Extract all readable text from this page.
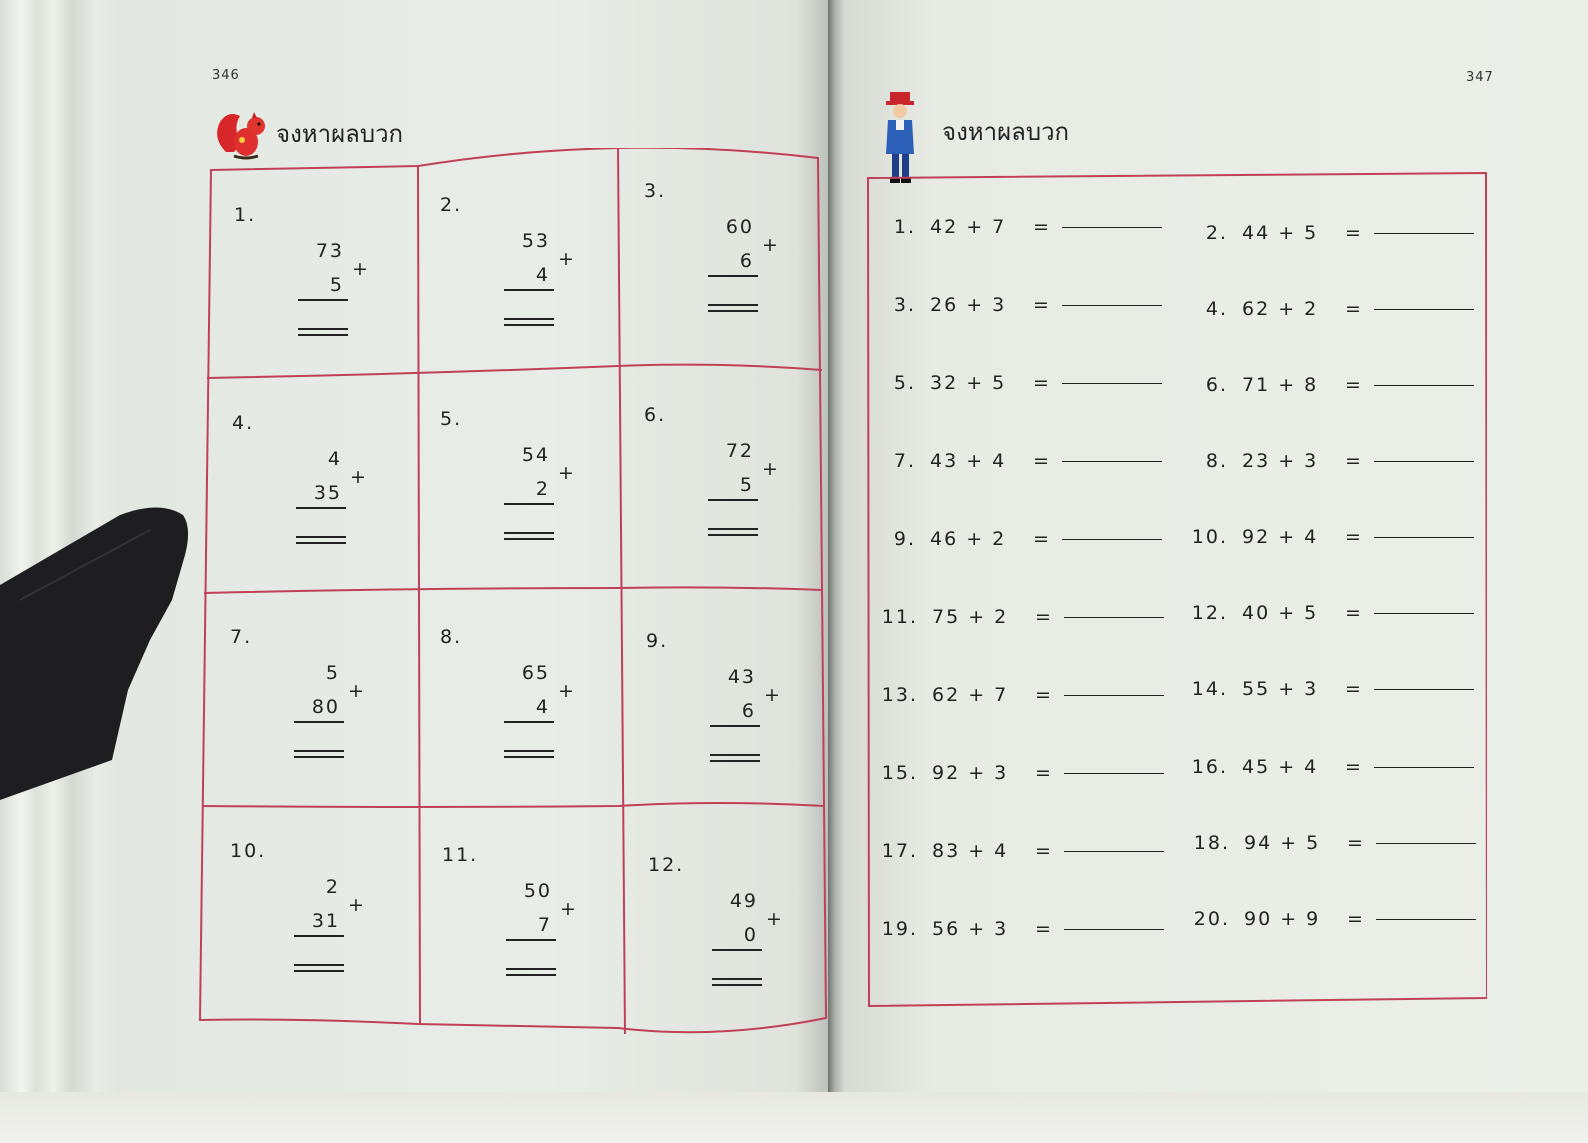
346
จงหาผลบวก
1.
73
+
5
2.
53
+
4
3.
60
+
6
4.
4
+
35
5.
54
+
2
6.
72
+
5
7.
5
+
80
8.
65
+
4
9.
43
+
6
10.
2
+
31
11.
50
+
7
12.
49
+
0
347
จงหาผลบวก
1. 42 + 7 =
3. 26 + 3 =
5. 32 + 5 =
7. 43 + 4 =
9. 46 + 2 =
11. 75 + 2 =
13. 62 + 7 =
15. 92 + 3 =
17. 83 + 4 =
19. 56 + 3 =
2. 44 + 5 =
4. 62 + 2 =
6. 71 + 8 =
8. 23 + 3 =
10. 92 + 4 =
12. 40 + 5 =
14. 55 + 3 =
16. 45 + 4 =
18. 94 + 5 =
20. 90 + 9 =
